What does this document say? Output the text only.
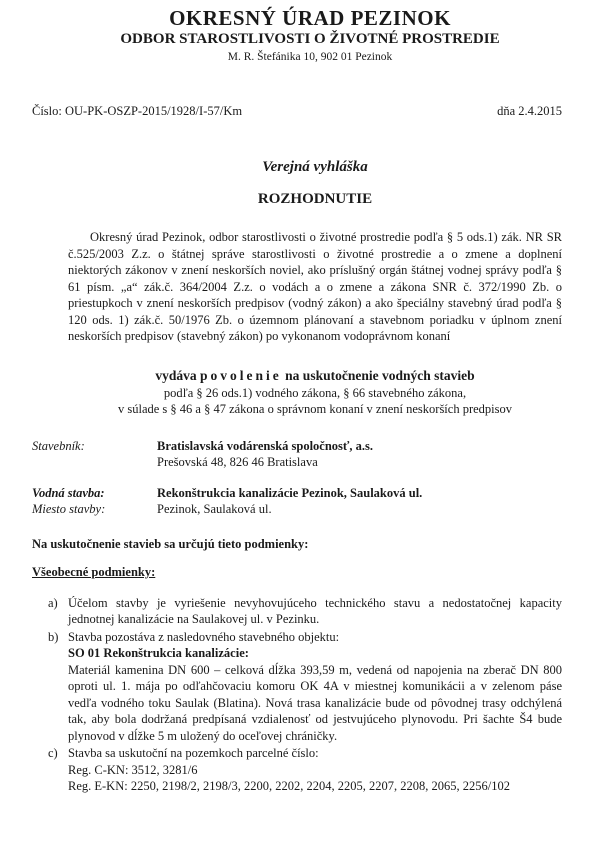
OKRESNÝ ÚRAD PEZINOK
ODBOR STAROSTLIVOSTI O ŽIVOTNÉ PROSTREDIE
M. R. Štefánika 10, 902 01 Pezinok
Číslo: OU-PK-OSZP-2015/1928/I-57/Km	dňa 2.4.2015
Verejná vyhláška
ROZHODNUTIE

Okresný úrad Pezinok, odbor starostlivosti o životné prostredie podľa § 5 ods.1) zák. NR SR č.525/2003 Z.z. o štátnej správe starostlivosti o životné prostredie a o zmene a doplnení niektorých zákonov v znení neskorších noviel, ako príslušný orgán štátnej vodnej správy podľa § 61 písm. „a“ zák.č. 364/2004 Z.z. o vodách a o zmene a zákona SNR č. 372/1990 Zb. o priestupkoch v znení neskorších predpisov (vodný zákon) a ako špeciálny stavebný úrad podľa § 120 ods. 1) zák.č. 50/1976 Zb. o územnom plánovaní a stavebnom poriadku v úplnom znení neskorších predpisov (stavebný zákon) po vykonanom vodoprávnom konaní

vydáva povolenie na uskutočnenie vodných stavieb
podľa § 26 ods.1) vodného zákona, § 66 stavebného zákona,
v súlade s § 46 a § 47 zákona o správnom konaní v znení neskorších predpisov
Stavebník:	Bratislavská vodárenská spoločnosť, a.s.
Prešovská 48, 826 46 Bratislava
Vodná stavba:	Rekonštrukcia kanalizácie Pezinok, Saulaková ul.
Miesto stavby:	Pezinok, Saulaková ul.
Na uskutočnenie stavieb sa určujú tieto podmienky:
Všeobecné podmienky:
a) Účelom stavby je vyriešenie nevyhovujúceho technického stavu a nedostatočnej kapacity jednotnej kanalizácie na Saulakovej ul. v Pezinku.
b) Stavba pozostáva z nasledovného stavebného objektu:
SO 01 Rekonštrukcia kanalizácie:
Materiál kamenina DN 600 – celková dĺžka 393,59 m, vedená od napojenia na zberač DN 800 oproti ul. 1. mája po odľahčovaciu komoru OK 4A v miestnej komunikácii a v zelenom páse vedľa vodného toku Saulak (Blatina). Nová trasa kanalizácie bude od pôvodnej trasy odchýlená tak, aby bola dodržaná predpísaná vzdialenosť od jestvujúceho plynovodu. Pri šachte Š4 bude plynovod v dĺžke 5 m uložený do oceľovej chráničky.
c) Stavba sa uskutoční na pozemkoch parcelné číslo:
Reg. C-KN: 3512, 3281/6
Reg. E-KN: 2250, 2198/2, 2198/3, 2200, 2202, 2204, 2205, 2207, 2208, 2065, 2256/102
